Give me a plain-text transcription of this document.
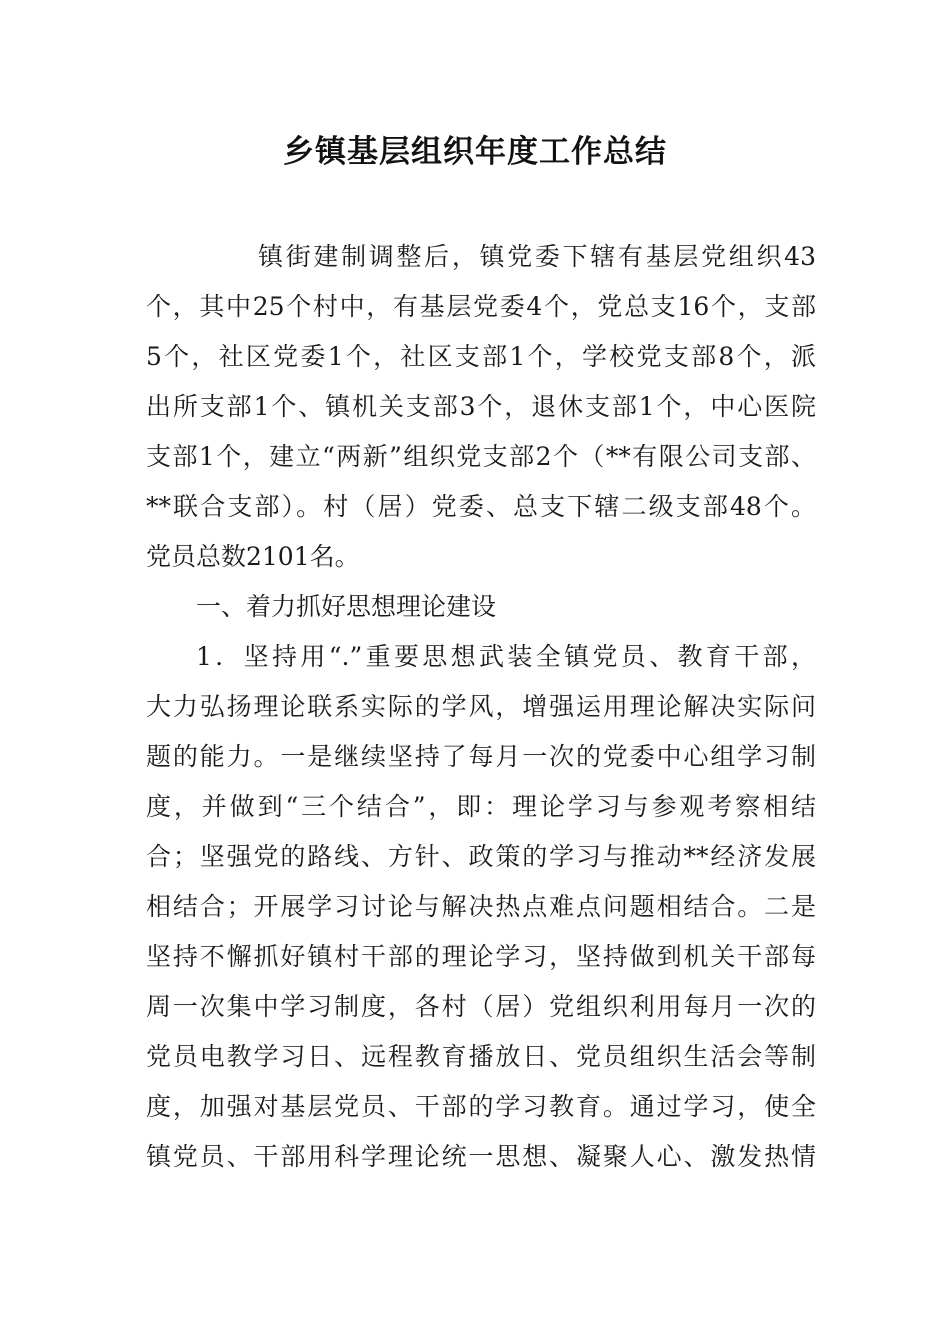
乡镇基层组织年度工作总结
镇街建制调整后，镇党委下辖有基层党组织43
个，其中25个村中，有基层党委4个，党总支16个，支部
5个，社区党委1个，社区支部1个，学校党支部8个，派
出所支部1个、镇机关支部3个，退休支部1个，中心医院
支部1个，建立“两新”组织党支部2个（**有限公司支部、
**联合支部）。村（居）党委、总支下辖二级支部48个。
党员总数2101名。
一、着力抓好思想理论建设
1．坚持用“.”重要思想武装全镇党员、教育干部，
大力弘扬理论联系实际的学风，增强运用理论解决实际问
题的能力。一是继续坚持了每月一次的党委中心组学习制
度，并做到“三个结合”，即：理论学习与参观考察相结
合；坚强党的路线、方针、政策的学习与推动**经济发展
相结合；开展学习讨论与解决热点难点问题相结合。二是
坚持不懈抓好镇村干部的理论学习，坚持做到机关干部每
周一次集中学习制度，各村（居）党组织利用每月一次的
党员电教学习日、远程教育播放日、党员组织生活会等制
度，加强对基层党员、干部的学习教育。通过学习，使全
镇党员、干部用科学理论统一思想、凝聚人心、激发热情
